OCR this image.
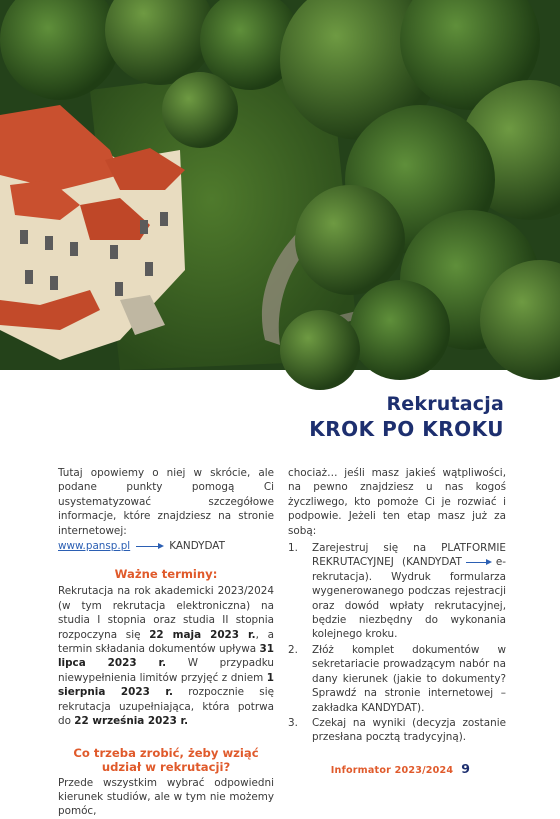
Rekrutacja
KROK PO KROKU

Tutaj opowiemy o niej w skrócie, ale podane punkty pomogą Ci usystematyzować szczegółowe informacje, które znajdziesz na stronie internetowej:

www.pansp.pl	KANDYDAT
Ważne terminy:

Rekrutacja na rok akademicki 2023/2024 (w tym rekrutacja elektroniczna) na studia I stopnia oraz studia II stopnia rozpoczyna się 22 maja 2023 r., a termin składania dokumentów upływa 31 lipca 2023 r. W przypadku niewypełnienia limitów przyjęć z dniem 1 sierpnia 2023 r. rozpocznie się rekrutacja uzupełniająca, która potrwa do 22 września 2023 r.

Co trzeba zrobić, żeby wziąć udział w rekrutacji?

Przede wszystkim wybrać odpowiedni kierunek studiów, ale w tym nie możemy pomóc,

chociaż… jeśli masz jakieś wątpliwości, na pewno znajdziesz u nas kogoś życzliwego, kto pomoże Ci je rozwiać i podpowie. Jeżeli ten etap masz już za sobą:

1.	Zarejestruj się na PLATFORMIE REKRUTACYJNEJ (KANDYDAT	e-rekrutacja). Wydruk formularza wygenerowanego podczas rejestracji oraz dowód wpłaty rekrutacyjnej, będzie niezbędny do wykonania kolejnego kroku.
2.	Złóż komplet dokumentów w sekretariacie prowadzącym nabór na dany kierunek (jakie to dokumenty? Sprawdź na stronie internetowej – zakładka KANDYDAT).
3.	Czekaj na wyniki (decyzja zostanie przesłana pocztą tradycyjną).
Informator 2023/2024 9
